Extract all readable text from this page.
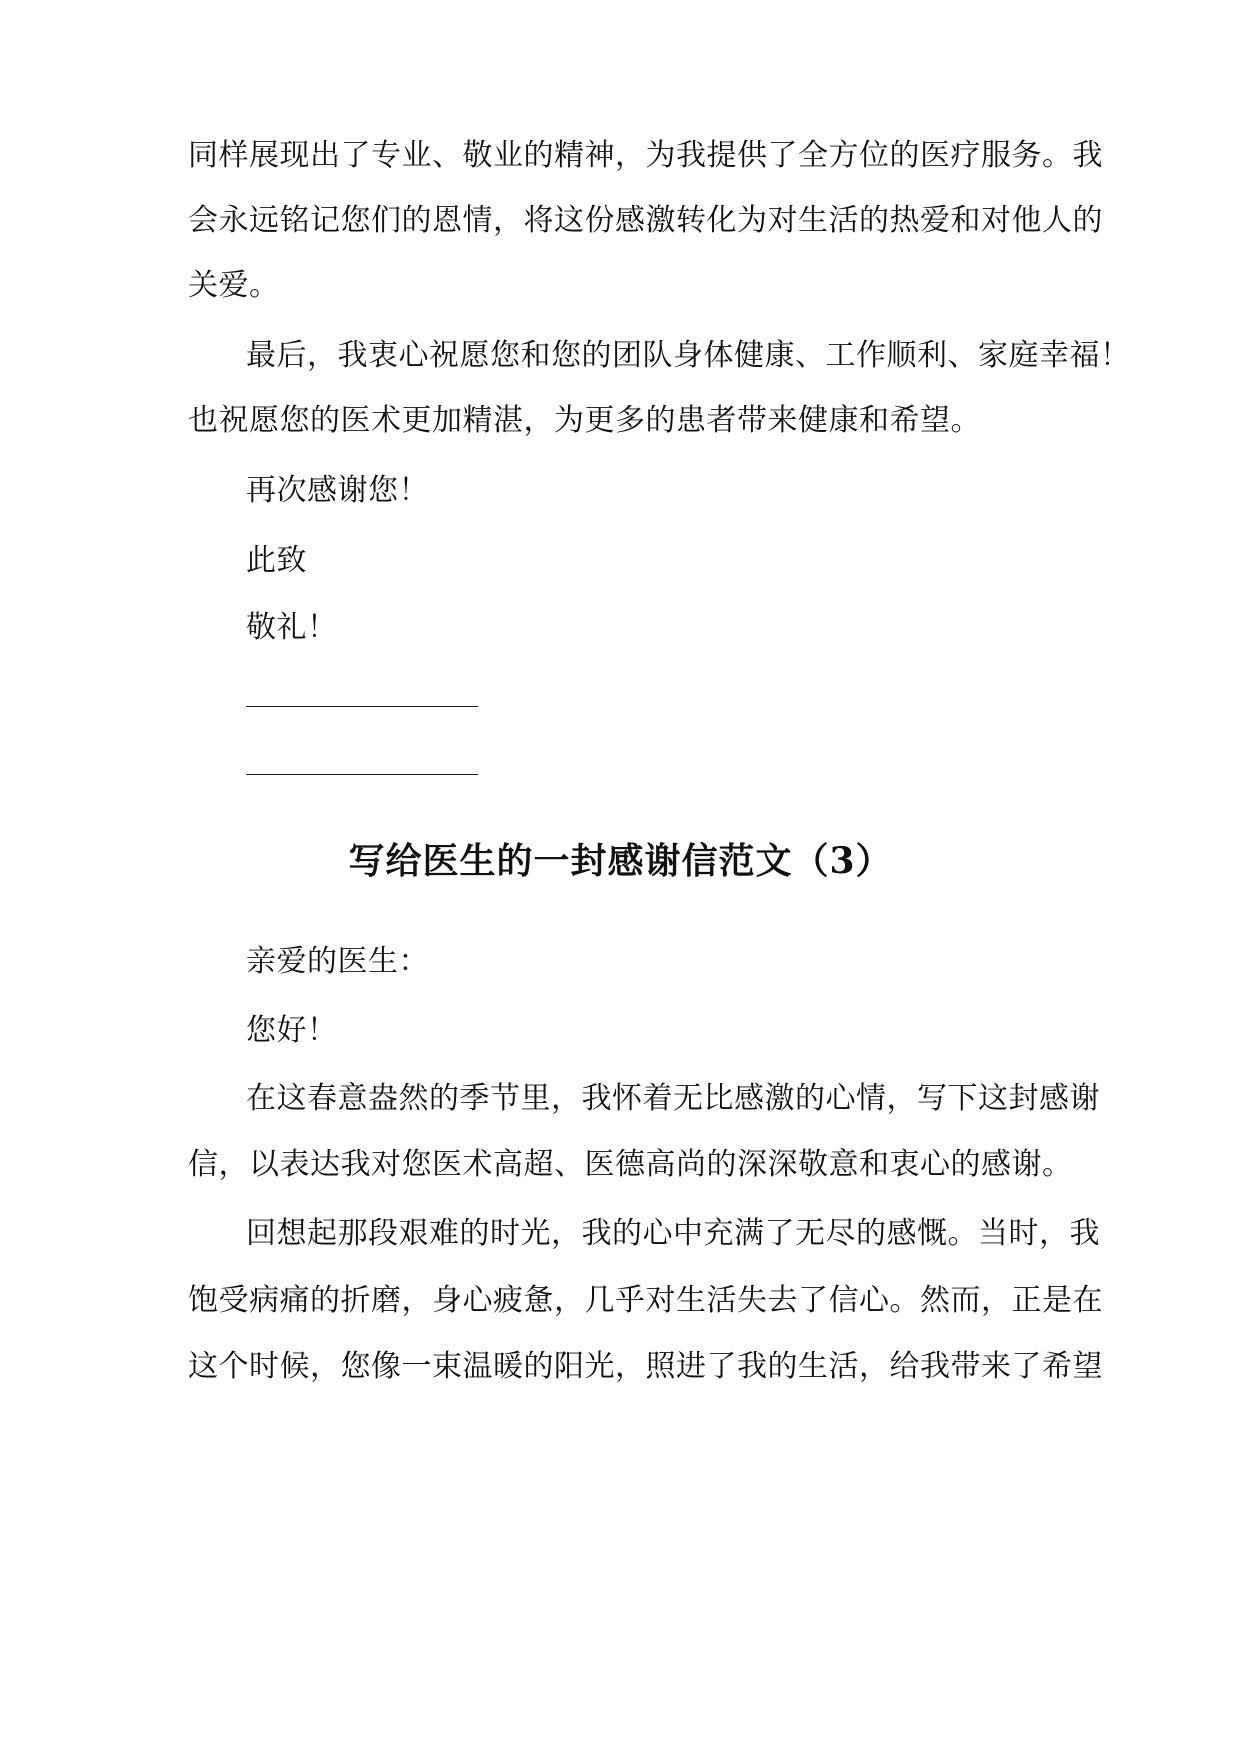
同样展现出了专业、敬业的精神，为我提供了全方位的医疗服务。我
会永远铭记您们的恩情，将这份感激转化为对生活的热爱和对他人的
关爱。
最后，我衷心祝愿您和您的团队身体健康、工作顺利、家庭幸福！
也祝愿您的医术更加精湛，为更多的患者带来健康和希望。
再次感谢您！
此致
敬礼！
写给医生的一封感谢信范文（3）
亲爱的医生：
您好！
在这春意盎然的季节里，我怀着无比感激的心情，写下这封感谢
信，以表达我对您医术高超、医德高尚的深深敬意和衷心的感谢。
回想起那段艰难的时光，我的心中充满了无尽的感慨。当时，我
饱受病痛的折磨，身心疲惫，几乎对生活失去了信心。然而，正是在
这个时候，您像一束温暖的阳光，照进了我的生活，给我带来了希望
